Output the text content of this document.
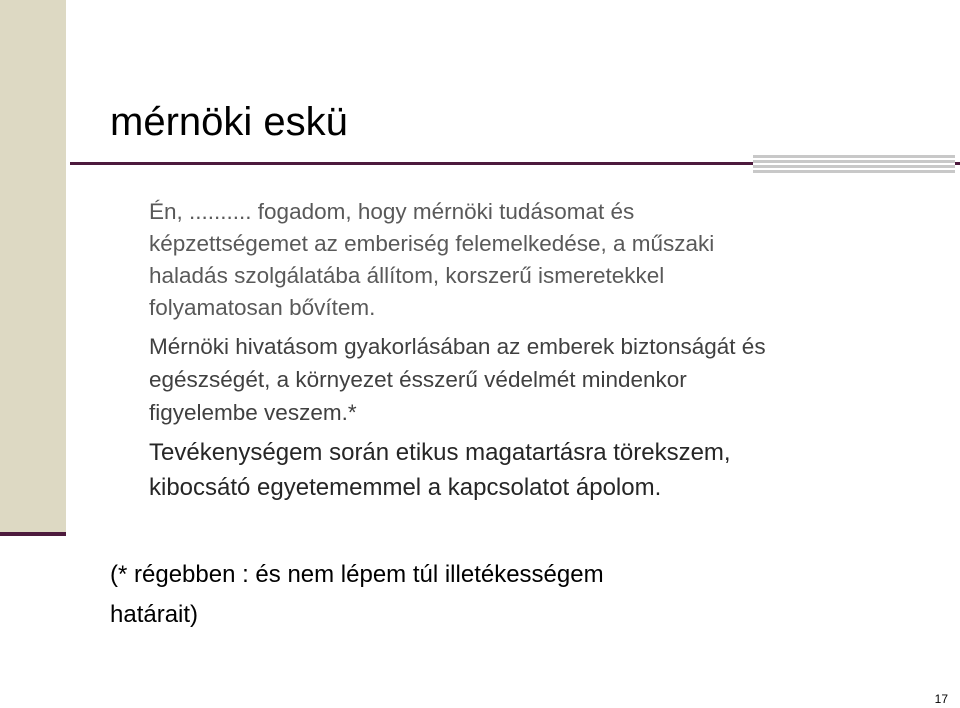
mérnöki eskü

Én, .......... fogadom, hogy mérnöki tudásomat és
képzettségemet az emberiség felemelkedése, a műszaki
haladás szolgálatába állítom, korszerű ismeretekkel
folyamatosan bővítem.

Mérnöki hivatásom gyakorlásában az emberek biztonságát és
egészségét, a környezet ésszerű védelmét mindenkor
figyelembe veszem.*

Tevékenységem során etikus magatartásra törekszem,
kibocsátó egyetememmel a kapcsolatot ápolom.

(* régebben : és nem lépem túl illetékességem
határait)
17
